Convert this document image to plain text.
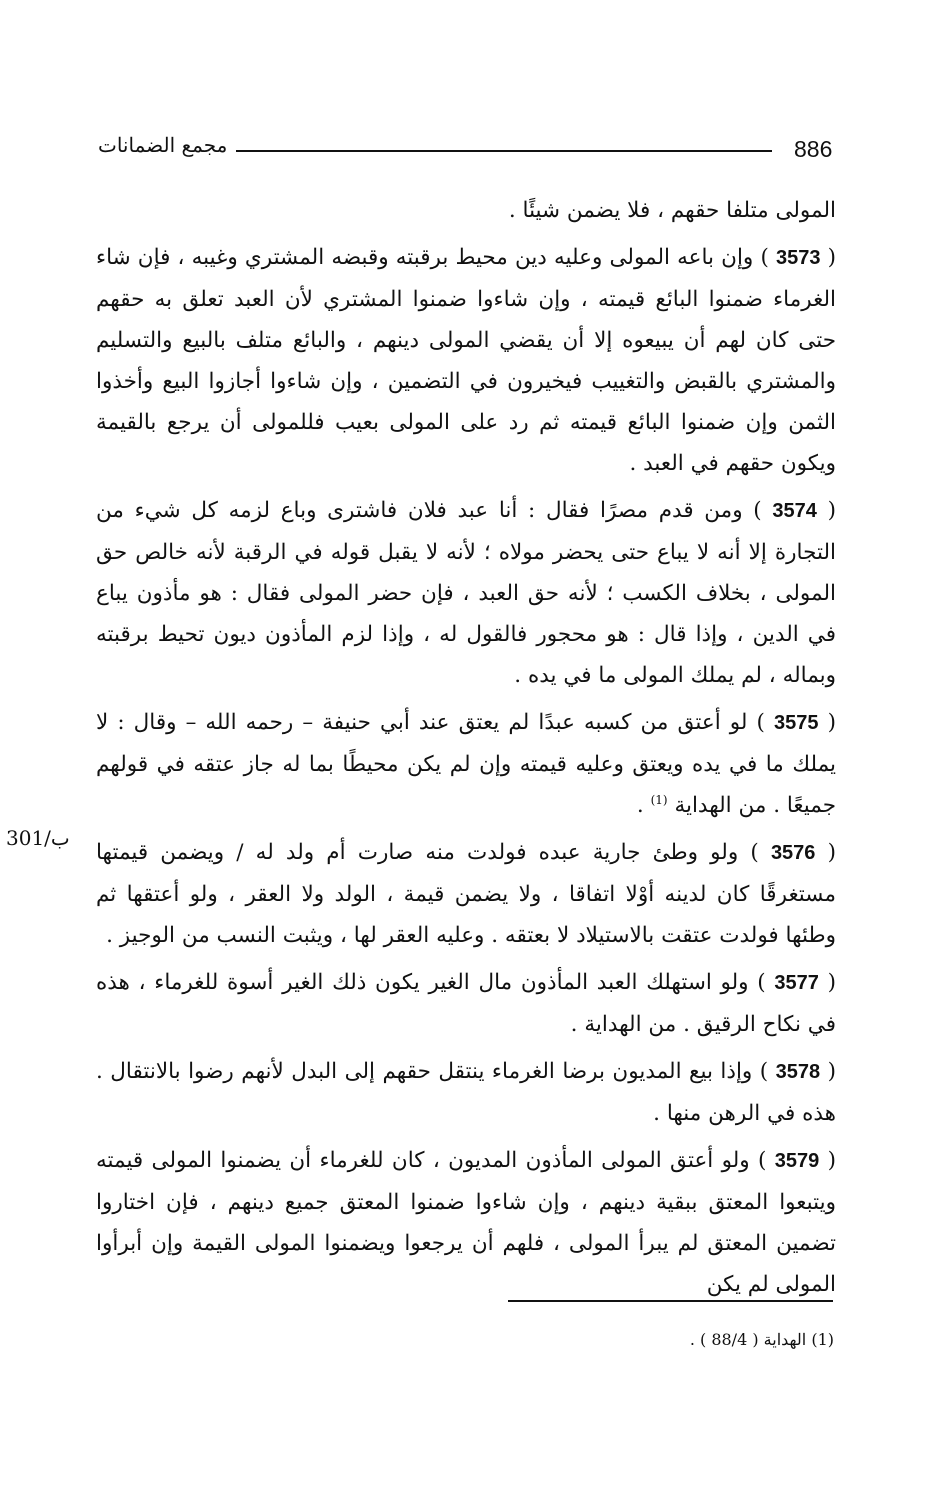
886
مجمع الضمانات
301/ب

المولى متلفا حقهم ، فلا يضمن شيئًا .

( 3573 ) وإن باعه المولى وعليه دين محيط برقبته وقبضه المشتري وغيبه ، فإن شاء الغرماء ضمنوا البائع قيمته ، وإن شاءوا ضمنوا المشتري لأن العبد تعلق به حقهم حتى كان لهم أن يبيعوه إلا أن يقضي المولى دينهم ، والبائع متلف بالبيع والتسليم والمشتري بالقبض والتغييب فيخيرون في التضمين ، وإن شاءوا أجازوا البيع وأخذوا الثمن وإن ضمنوا البائع قيمته ثم رد على المولى بعيب فللمولى أن يرجع بالقيمة ويكون حقهم في العبد .

( 3574 ) ومن قدم مصرًا فقال : أنا عبد فلان فاشترى وباع لزمه كل شيء من التجارة إلا أنه لا يباع حتى يحضر مولاه ؛ لأنه لا يقبل قوله في الرقبة لأنه خالص حق المولى ، بخلاف الكسب ؛ لأنه حق العبد ، فإن حضر المولى فقال : هو مأذون يباع في الدين ، وإذا قال : هو محجور فالقول له ، وإذا لزم المأذون ديون تحيط برقبته وبماله ، لم يملك المولى ما في يده .

( 3575 ) لو أعتق من كسبه عبدًا لم يعتق عند أبي حنيفة – رحمه الله – وقال : لا يملك ما في يده ويعتق وعليه قيمته وإن لم يكن محيطًا بما له جاز عتقه في قولهم جميعًا . من الهداية $^{(1)}$ .

( 3576 ) ولو وطئ جارية عبده فولدت منه صارت أم ولد له / ويضمن قيمتها مستغرقًا كان لدينه أوْلا اتفاقا ، ولا يضمن قيمة ، الولد ولا العقر ، ولو أعتقها ثم وطئها فولدت عتقت بالاستيلاد لا بعتقه . وعليه العقر لها ، ويثبت النسب من الوجيز .

( 3577 ) ولو استهلك العبد المأذون مال الغير يكون ذلك الغير أسوة للغرماء ، هذه في نكاح الرقيق . من الهداية .

( 3578 ) وإذا بيع المديون برضا الغرماء ينتقل حقهم إلى البدل لأنهم رضوا بالانتقال . هذه في الرهن منها .

( 3579 ) ولو أعتق المولى المأذون المديون ، كان للغرماء أن يضمنوا المولى قيمته ويتبعوا المعتق ببقية دينهم ، وإن شاءوا ضمنوا المعتق جميع دينهم ، فإن اختاروا تضمين المعتق لم يبرأ المولى ، فلهم أن يرجعوا ويضمنوا المولى القيمة وإن أبرأوا المولى لم يكن

(1) الهداية ( 88/4 ) .
